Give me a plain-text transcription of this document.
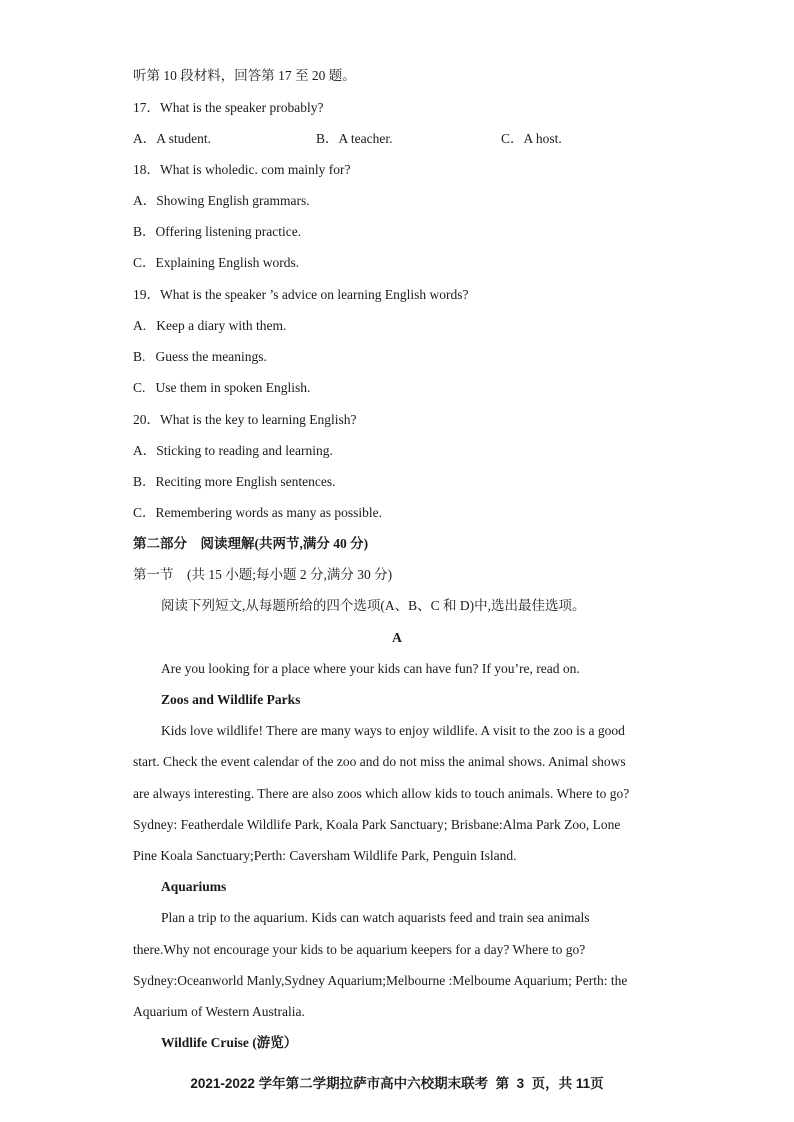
听第 10 段材料，回答第 17 至 20 题。
17．What is the speaker probably?
A．A student.	B．A teacher.	C．A host.
18．What is wholedic. com mainly for?
A．Showing English grammars.
B．Offering listening practice.
C．Explaining English words.
19．What is the speaker ’s advice on learning English words?
A.   Keep a diary with them.
B.   Guess the meanings.
C.   Use them in spoken English.
20．What is the key to learning English?
A．Sticking to reading and learning.
B．Reciting more English sentences.
C．Remembering words as many as possible.
第二部分　阅读理解(共两节,满分 40 分)
第一节　(共 15 小题;每小题 2 分,满分 30 分)
阅读下列短文,从每题所给的四个选项(A、B、C 和 D)中,选出最佳选项。
A
Are you looking for a place where your kids can have fun? If you’re, read on.
Zoos and Wildlife Parks
Kids love wildlife! There are many ways to enjoy wildlife. A visit to the zoo is a good
start. Check the event calendar of the zoo and do not miss the animal shows. Animal shows
are always interesting. There are also zoos which allow kids to touch animals. Where to go?
Sydney: Featherdale Wildlife Park, Koala Park Sanctuary; Brisbane:Alma Park Zoo, Lone
Pine Koala Sanctuary;Perth: Caversham Wildlife Park, Penguin Island.
Aquariums
Plan a trip to the aquarium. Kids can watch aquarists feed and train sea animals
there.Why not encourage your kids to be aquarium keepers for a day? Where to go?
Sydney:Oceanworld Manly,Sydney Aquarium;Melbourne :Melboume Aquarium; Perth: the
Aquarium of Western Australia.
Wildlife Cruise (游览）
2021-2022 学年第二学期拉萨市高中六校期末联考  第  3  页，共 11页
